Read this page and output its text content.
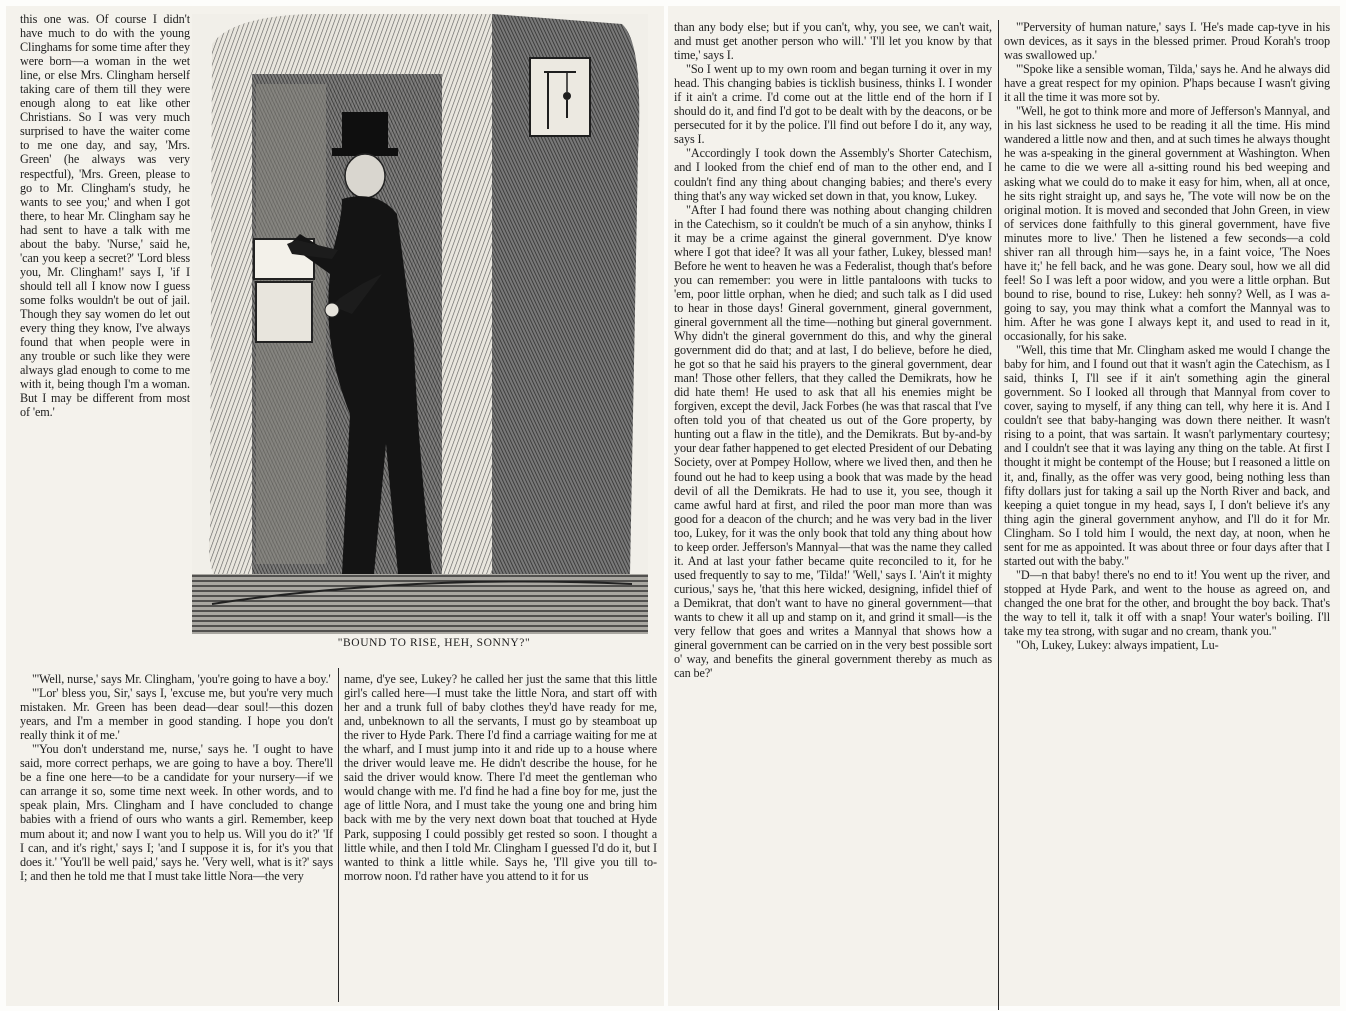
this one was. Of course I didn't have much to do with the young Clinghams for some time after they were born—a woman in the wet line, or else Mrs. Clingham herself taking care of them till they were enough along to eat like other Christians. So I was very much surprised to have the waiter come to me one day, and say, 'Mrs. Green' (he always was very respectful), 'Mrs. Green, please to go to Mr. Clingham's study, he wants to see you;' and when I got there, to hear Mr. Clingham say he had sent to have a talk with me about the baby. 'Nurse,' said he, 'can you keep a secret?' 'Lord bless you, Mr. Clingham!' says I, 'if I should tell all I know now I guess some folks wouldn't be out of jail. Though they say women do let out every thing they know, I've always found that when people were in any trouble or such like they were always glad enough to come to me with it, being though I'm a woman. But I may be different from most of 'em.'

"BOUND TO RISE, HEH, SONNY?"

"'Well, nurse,' says Mr. Clingham, 'you're going to have a boy.'

"'Lor' bless you, Sir,' says I, 'excuse me, but you're very much mistaken. Mr. Green has been dead—dear soul!—this dozen years, and I'm a member in good standing. I hope you don't really think it of me.'

"'You don't understand me, nurse,' says he. 'I ought to have said, more correct perhaps, we are going to have a boy. There'll be a fine one here—to be a candidate for your nursery—if we can arrange it so, some time next week. In other words, and to speak plain, Mrs. Clingham and I have concluded to change babies with a friend of ours who wants a girl. Remember, keep mum about it; and now I want you to help us. Will you do it?' 'If I can, and it's right,' says I; 'and I suppose it is, for it's you that does it.' 'You'll be well paid,' says he. 'Very well, what is it?' says I; and then he told me that I must take little Nora—the very

name, d'ye see, Lukey? he called her just the same that this little girl's called here—I must take the little Nora, and start off with her and a trunk full of baby clothes they'd have ready for me, and, unbeknown to all the servants, I must go by steamboat up the river to Hyde Park. There I'd find a carriage waiting for me at the wharf, and I must jump into it and ride up to a house where the driver would leave me. He didn't describe the house, for he said the driver would know. There I'd meet the gentleman who would change with me. I'd find he had a fine boy for me, just the age of little Nora, and I must take the young one and bring him back with me by the very next down boat that touched at Hyde Park, supposing I could possibly get rested so soon. I thought a little while, and then I told Mr. Clingham I guessed I'd do it, but I wanted to think a little while. Says he, 'I'll give you till to-morrow noon. I'd rather have you attend to it for us

than any body else; but if you can't, why, you see, we can't wait, and must get another person who will.' 'I'll let you know by that time,' says I.

"So I went up to my own room and began turning it over in my head. This changing babies is ticklish business, thinks I. I wonder if it ain't a crime. I'd come out at the little end of the horn if I should do it, and find I'd got to be dealt with by the deacons, or be persecuted for it by the police. I'll find out before I do it, any way, says I.

"Accordingly I took down the Assembly's Shorter Catechism, and I looked from the chief end of man to the other end, and I couldn't find any thing about changing babies; and there's every thing that's any way wicked set down in that, you know, Lukey.

"After I had found there was nothing about changing children in the Catechism, so it couldn't be much of a sin anyhow, thinks I it may be a crime against the gineral government. D'ye know where I got that idee? It was all your father, Lukey, blessed man! Before he went to heaven he was a Federalist, though that's before you can remember: you were in little pantaloons with tucks to 'em, poor little orphan, when he died; and such talk as I did used to hear in those days! Gineral government, gineral government, gineral government all the time—nothing but gineral government. Why didn't the gineral government do this, and why the gineral government did do that; and at last, I do believe, before he died, he got so that he said his prayers to the gineral government, dear man! Those other fellers, that they called the Demikrats, how he did hate them! He used to ask that all his enemies might be forgiven, except the devil, Jack Forbes (he was that rascal that I've often told you of that cheated us out of the Gore property, by hunting out a flaw in the title), and the Demikrats. But by-and-by your dear father happened to get elected President of our Debating Society, over at Pompey Hollow, where we lived then, and then he found out he had to keep using a book that was made by the head devil of all the Demikrats. He had to use it, you see, though it came awful hard at first, and riled the poor man more than was good for a deacon of the church; and he was very bad in the liver too, Lukey, for it was the only book that told any thing about how to keep order. Jefferson's Mannyal—that was the name they called it. And at last your father became quite reconciled to it, for he used frequently to say to me, 'Tilda!' 'Well,' says I. 'Ain't it mighty curious,' says he, 'that this here wicked, designing, infidel thief of a Demikrat, that don't want to have no gineral government—that wants to chew it all up and stamp on it, and grind it small—is the very fellow that goes and writes a Mannyal that shows how a gineral government can be carried on in the very best possible sort o' way, and benefits the gineral government thereby as much as can be?'

"'Perversity of human nature,' says I. 'He's made cap-tyve in his own devices, as it says in the blessed primer. Proud Korah's troop was swallowed up.'

"'Spoke like a sensible woman, Tilda,' says he. And he always did have a great respect for my opinion. P'haps because I wasn't giving it all the time it was more sot by.

"Well, he got to think more and more of Jefferson's Mannyal, and in his last sickness he used to be reading it all the time. His mind wandered a little now and then, and at such times he always thought he was a-speaking in the gineral government at Washington. When he came to die we were all a-sitting round his bed weeping and asking what we could do to make it easy for him, when, all at once, he sits right straight up, and says he, 'The vote will now be on the original motion. It is moved and seconded that John Green, in view of services done faithfully to this gineral government, have five minutes more to live.' Then he listened a few seconds—a cold shiver ran all through him—says he, in a faint voice, 'The Noes have it;' he fell back, and he was gone. Deary soul, how we all did feel! So I was left a poor widow, and you were a little orphan. But bound to rise, bound to rise, Lukey: heh sonny? Well, as I was a-going to say, you may think what a comfort the Mannyal was to him. After he was gone I always kept it, and used to read in it, occasionally, for his sake.

"Well, this time that Mr. Clingham asked me would I change the baby for him, and I found out that it wasn't agin the Catechism, as I said, thinks I, I'll see if it ain't something agin the gineral government. So I looked all through that Mannyal from cover to cover, saying to myself, if any thing can tell, why here it is. And I couldn't see that baby-hanging was down there neither. It wasn't rising to a point, that was sartain. It wasn't parlymentary courtesy; and I couldn't see that it was laying any thing on the table. At first I thought it might be contempt of the House; but I reasoned a little on it, and, finally, as the offer was very good, being nothing less than fifty dollars just for taking a sail up the North River and back, and keeping a quiet tongue in my head, says I, I don't believe it's any thing agin the gineral government anyhow, and I'll do it for Mr. Clingham. So I told him I would, the next day, at noon, when he sent for me as appointed. It was about three or four days after that I started out with the baby."

"D—n that baby! there's no end to it! You went up the river, and stopped at Hyde Park, and went to the house as agreed on, and changed the one brat for the other, and brought the boy back. That's the way to tell it, talk it off with a snap! Your water's boiling. I'll take my tea strong, with sugar and no cream, thank you."

"Oh, Lukey, Lukey: always impatient, Lu-
